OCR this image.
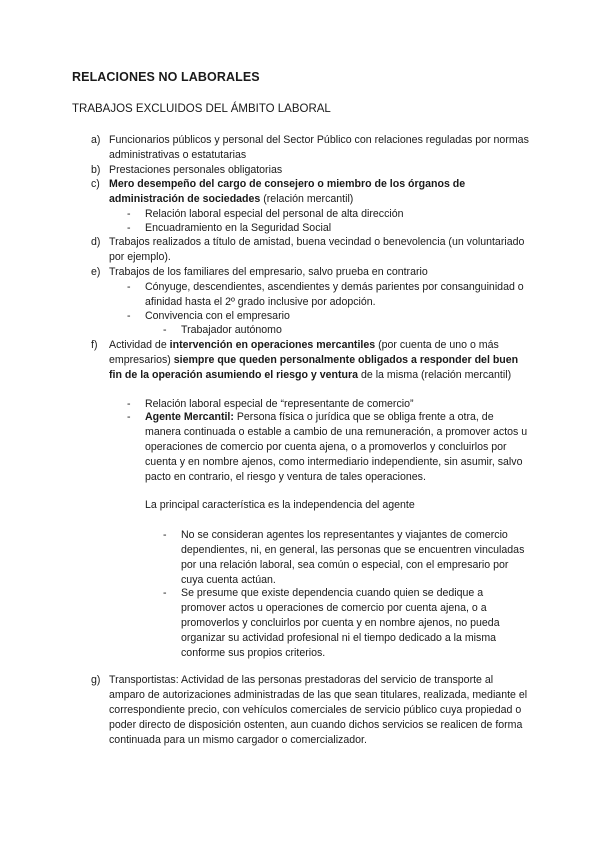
RELACIONES NO LABORALES
TRABAJOS EXCLUIDOS DEL ÁMBITO LABORAL
a) Funcionarios públicos y personal del Sector Público con relaciones reguladas por normas administrativas o estatutarias
b) Prestaciones personales obligatorias
c) Mero desempeño del cargo de consejero o miembro de los órganos de administración de sociedades (relación mercantil)
- Relación laboral especial del personal de alta dirección
- Encuadramiento en la Seguridad Social
d) Trabajos realizados a título de amistad, buena vecindad o benevolencia (un voluntariado por ejemplo).
e) Trabajos de los familiares del empresario, salvo prueba en contrario
- Cónyuge, descendientes, ascendientes y demás parientes por consanguinidad o afinidad hasta el 2º grado inclusive por adopción.
- Convivencia con el empresario
- Trabajador autónomo
f) Actividad de intervención en operaciones mercantiles (por cuenta de uno o más empresarios) siempre que queden personalmente obligados a responder del buen fin de la operación asumiendo el riesgo y ventura de la misma (relación mercantil)
- Relación laboral especial de “representante de comercio”
- Agente Mercantil: Persona física o jurídica que se obliga frente a otra, de manera continuada o estable a cambio de una remuneración, a promover actos u operaciones de comercio por cuenta ajena, o a promoverlos y concluirlos por cuenta y en nombre ajenos, como intermediario independiente, sin asumir, salvo pacto en contrario, el riesgo y ventura de tales operaciones.
La principal característica es la independencia del agente
- No se consideran agentes los representantes y viajantes de comercio dependientes, ni, en general, las personas que se encuentren vinculadas por una relación laboral, sea común o especial, con el empresario por cuya cuenta actúan.
- Se presume que existe dependencia cuando quien se dedique a promover actos u operaciones de comercio por cuenta ajena, o a promoverlos y concluirlos por cuenta y en nombre ajenos, no pueda organizar su actividad profesional ni el tiempo dedicado a la misma conforme sus propios criterios.
g) Transportistas: Actividad de las personas prestadoras del servicio de transporte al amparo de autorizaciones administradas de las que sean titulares, realizada, mediante el correspondiente precio, con vehículos comerciales de servicio público cuya propiedad o poder directo de disposición ostenten, aun cuando dichos servicios se realicen de forma continuada para un mismo cargador o comercializador.
